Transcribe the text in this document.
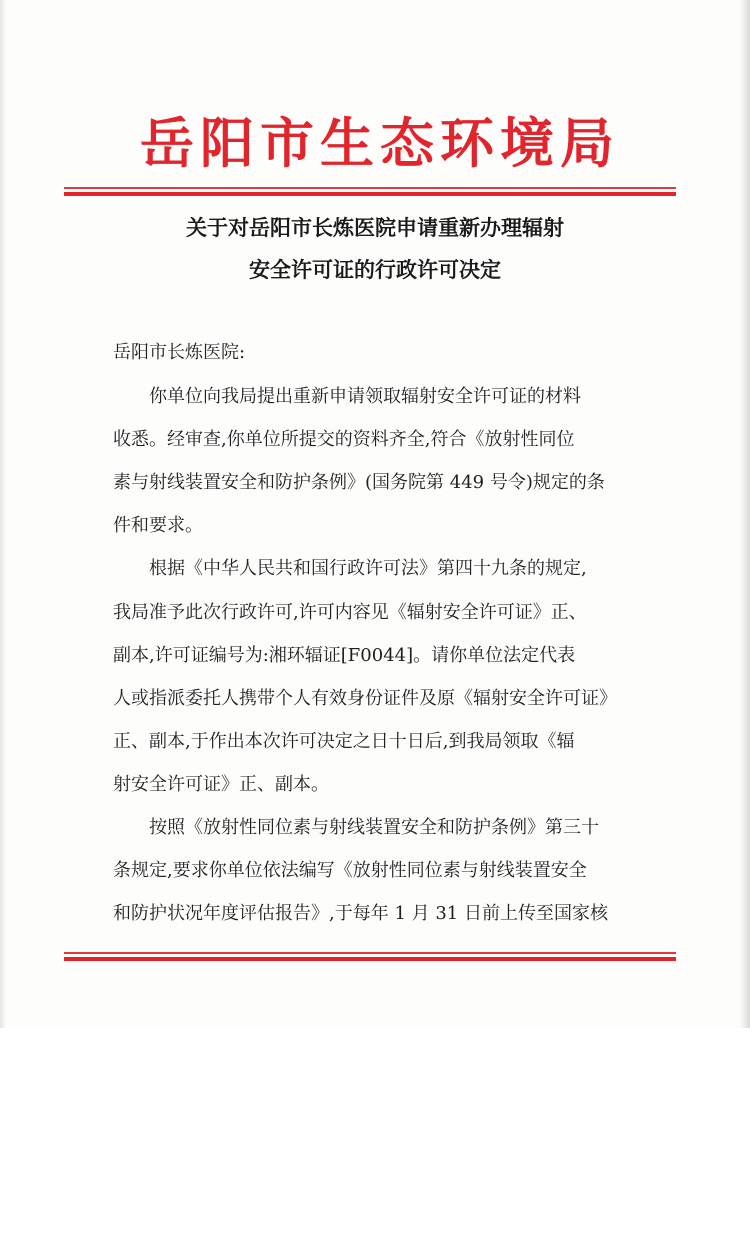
岳阳市生态环境局
关于对岳阳市长炼医院申请重新办理辐射
安全许可证的行政许可决定
岳阳市长炼医院:
你单位向我局提出重新申请领取辐射安全许可证的材料
收悉。经审查,你单位所提交的资料齐全,符合《放射性同位
素与射线装置安全和防护条例》(国务院第 449 号令)规定的条
件和要求。
根据《中华人民共和国行政许可法》第四十九条的规定,
我局准予此次行政许可,许可内容见《辐射安全许可证》正、
副本,许可证编号为:湘环辐证[F0044]。请你单位法定代表
人或指派委托人携带个人有效身份证件及原《辐射安全许可证》
正、副本,于作出本次许可决定之日十日后,到我局领取《辐
射安全许可证》正、副本。
按照《放射性同位素与射线装置安全和防护条例》第三十
条规定,要求你单位依法编写《放射性同位素与射线装置安全
和防护状况年度评估报告》,于每年 1 月 31 日前上传至国家核
